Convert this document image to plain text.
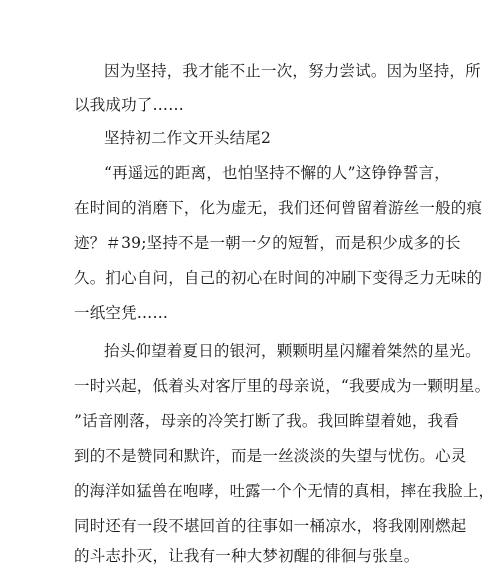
因为坚持，我才能不止一次，努力尝试。因为坚持，所
以我成功了……
坚持初二作文开头结尾2
“再遥远的距离，也怕坚持不懈的人”这铮铮誓言，
在时间的消磨下，化为虚无，我们还何曾留着游丝一般的痕
迹？＃39;坚持不是一朝一夕的短暂，而是积少成多的长
久。扪心自问，自己的初心在时间的冲刷下变得乏力无味的
一纸空凭……
抬头仰望着夏日的银河，颗颗明星闪耀着桀然的星光。
一时兴起，低着头对客厅里的母亲说，“我要成为一颗明星。
”话音刚落，母亲的冷笑打断了我。我回眸望着她，我看
到的不是赞同和默许，而是一丝淡淡的失望与忧伤。心灵
的海洋如猛兽在咆哮，吐露一个个无情的真相，摔在我脸上，
同时还有一段不堪回首的往事如一桶凉水，将我刚刚燃起
的斗志扑灭，让我有一种大梦初醒的徘徊与张皇。
